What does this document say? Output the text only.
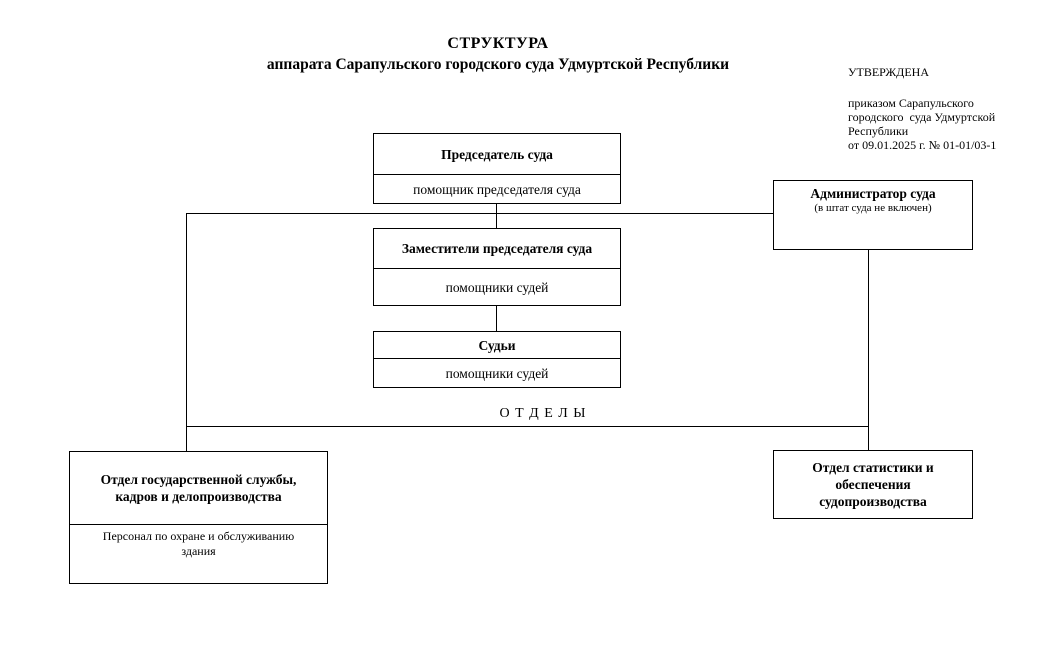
СТРУКТУРА
аппарата Сарапульского городского суда Удмуртской Республики	УТВЕРЖДЕНА
приказом Сарапульского
городского  суда Удмуртской
Республики
от 09.01.2025 г. № 01-01/03-1
Председатель суда
помощник председателя суда	Администратор суда
(в штат суда не включен)
Заместители председателя суда
помощники судей
Судьи
помощники судей
О Т Д Е Л Ы
Отдел государственной службы, кадров и делопроизводства
Персонал по охране и обслуживанию здания
Отдел статистики и обеспечения судопроизводства
